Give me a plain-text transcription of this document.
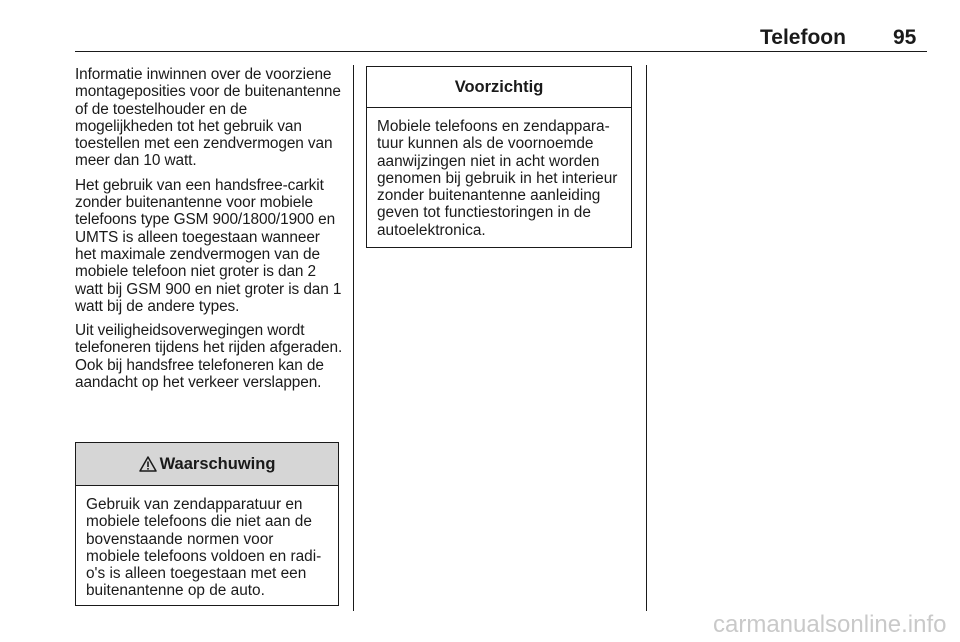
Telefoon 95

Informatie inwinnen over de voorziene montageposities voor de buitenantenne of de toestelhouder en de mogelijkheden tot het gebruik van toestellen met een zendvermogen van meer dan 10 watt.

Het gebruik van een handsfree-carkit zonder buitenantenne voor mobiele telefoons type GSM 900/1800/1900 en UMTS is alleen toegestaan wanneer het maximale zendvermogen van de mobiele telefoon niet groter is dan 2 watt bij GSM 900 en niet groter is dan 1 watt bij de andere types.

Uit veiligheidsoverwegingen wordt telefoneren tijdens het rijden afgeraden. Ook bij handsfree telefoneren kan de aandacht op het verkeer verslappen.

Waarschuwing
Gebruik van zendapparatuur en mobiele telefoons die niet aan de bovenstaande normen voor mobiele telefoons voldoen en radio's is alleen toegestaan met een buitenantenne op de auto.
Voorzichtig
Mobiele telefoons en zendapparatuur kunnen als de voornoemde aanwijzingen niet in acht worden genomen bij gebruik in het interieur zonder buitenantenne aanleiding geven tot functiestoringen in de autoelektronica.
carmanualsonline.info
